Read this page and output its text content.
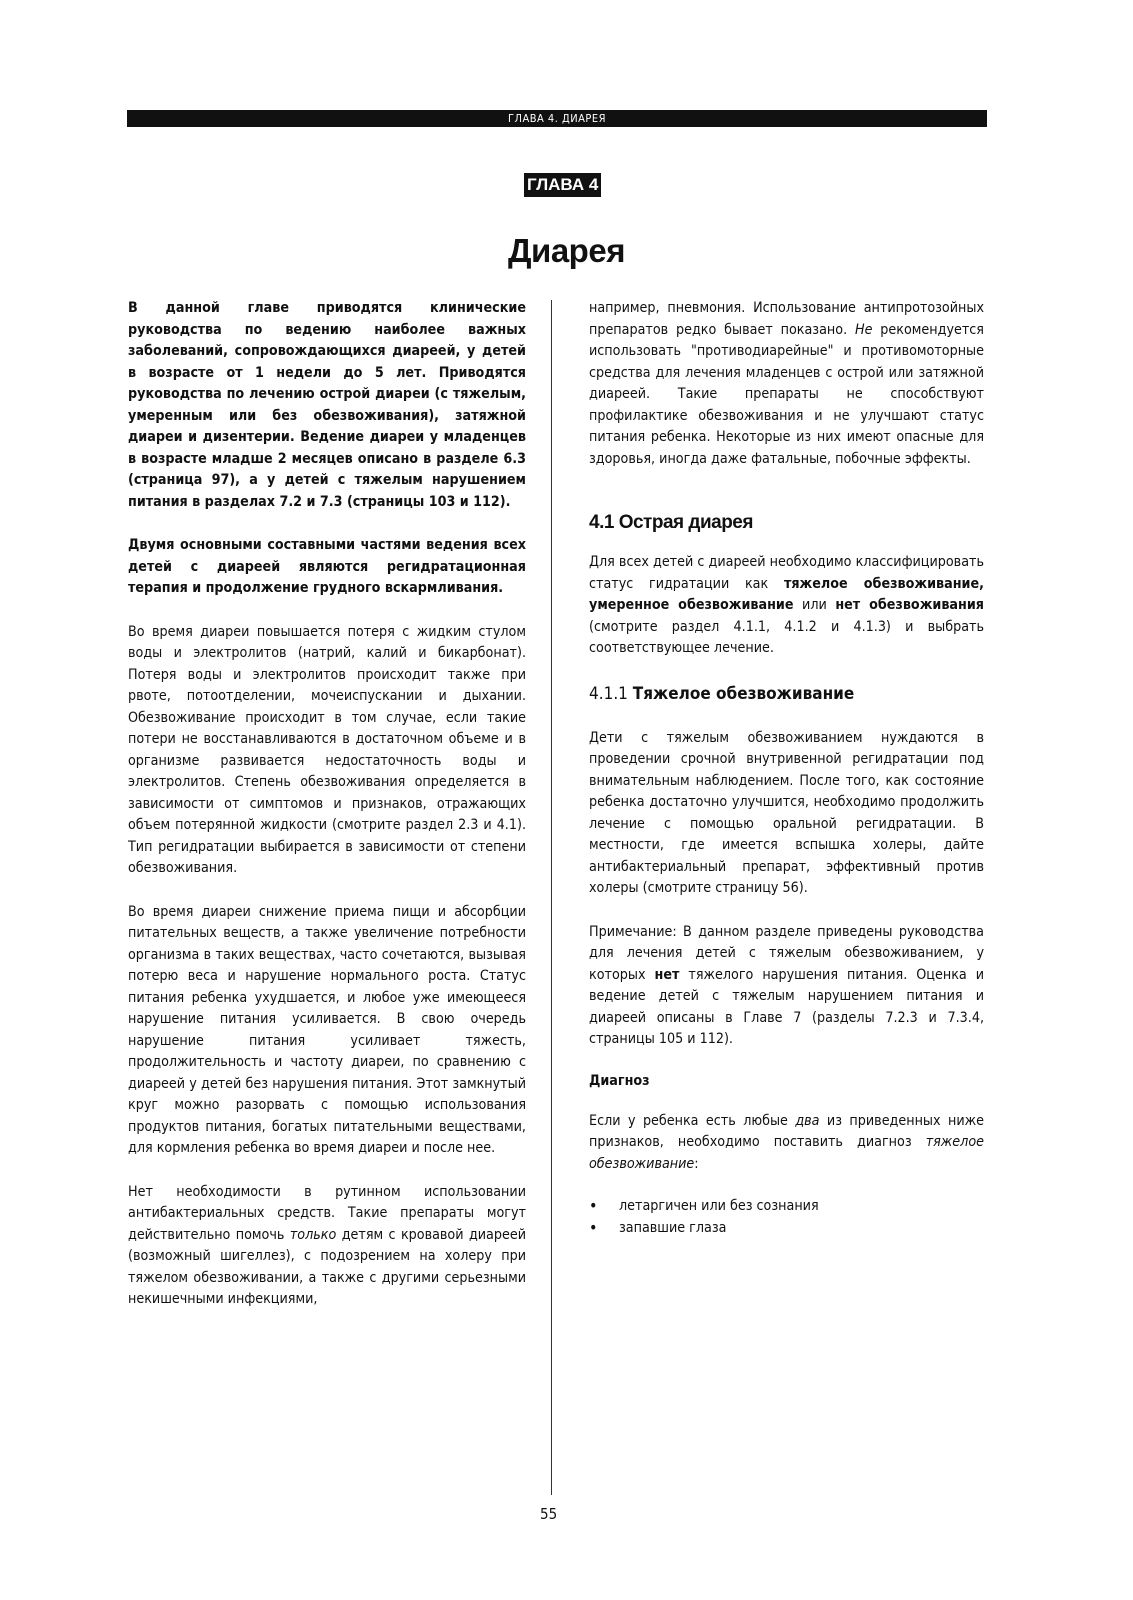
ГЛАВА 4. ДИАРЕЯ
ГЛАВА 4
Диарея

В данной главе приводятся клинические руководства по ведению наиболее важных заболеваний, сопровождающихся диареей, у детей в возрасте от 1 недели до 5 лет. Приводятся руководства по лечению острой диареи (с тяжелым, умеренным или без обезвоживания), затяжной диареи и дизентерии. Ведение диареи у младенцев в возрасте младше 2 месяцев описано в разделе 6.3 (страница 97), а у детей с тяжелым нарушением питания в разделах 7.2 и 7.3 (страницы 103 и 112).

Двумя основными составными частями ведения всех детей с диареей являются регидратационная терапия и продолжение грудного вскармливания.

Во время диареи повышается потеря с жидким стулом воды и электролитов (натрий, калий и бикарбонат). Потеря воды и электролитов происходит также при рвоте, потоотделении, мочеиспускании и дыхании. Обезвоживание происходит в том случае, если такие потери не восстанавливаются в достаточном объеме и в организме развивается недостаточность воды и электролитов. Степень обезвоживания определяется в зависимости от симптомов и признаков, отражающих объем потерянной жидкости (смотрите раздел 2.3 и 4.1). Тип регидратации выбирается в зависимости от степени обезвоживания.

Во время диареи снижение приема пищи и абсорбции питательных веществ, а также увеличение потребности организма в таких веществах, часто сочетаются, вызывая потерю веса и нарушение нормального роста. Статус питания ребенка ухудшается, и любое уже имеющееся нарушение питания усиливается. В свою очередь нарушение питания усиливает тяжесть, продолжительность и частоту диареи, по сравнению с диареей у детей без нарушения питания. Этот замкнутый круг можно разорвать с помощью использования продуктов питания, богатых питательными веществами, для кормления ребенка во время диареи и после нее.

Нет необходимости в рутинном использовании антибактериальных средств. Такие препараты могут действительно помочь только детям с кровавой диареей (возможный шигеллез), с подозрением на холеру при тяжелом обезвоживании, а также с другими серьезными некишечными инфекциями,

например, пневмония. Использование антипротозойных препаратов редко бывает показано. Не рекомендуется использовать "противодиарейные" и противомоторные средства для лечения младенцев с острой или затяжной диареей. Такие препараты не способствуют профилактике обезвоживания и не улучшают статус питания ребенка. Некоторые из них имеют опасные для здоровья, иногда даже фатальные, побочные эффекты.

4.1 Острая диарея

Для всех детей с диареей необходимо классифицировать статус гидратации как тяжелое обезвоживание, умеренное обезвоживание или нет обезвоживания (смотрите раздел 4.1.1, 4.1.2 и 4.1.3) и выбрать соответствующее лечение.

4.1.1 Тяжелое обезвоживание

Дети с тяжелым обезвоживанием нуждаются в проведении срочной внутривенной регидратации под внимательным наблюдением. После того, как состояние ребенка достаточно улучшится, необходимо продолжить лечение с помощью оральной регидратации. В местности, где имеется вспышка холеры, дайте антибактериальный препарат, эффективный против холеры (смотрите страницу 56).

Примечание: В данном разделе приведены руководства для лечения детей с тяжелым обезвоживанием, у которых нет тяжелого нарушения питания. Оценка и ведение детей с тяжелым нарушением питания и диареей описаны в Главе 7 (разделы 7.2.3 и 7.3.4, страницы 105 и 112).

Диагноз

Если у ребенка есть любые два из приведенных ниже признаков, необходимо поставить диагноз тяжелое обезвоживание:

• летаргичен или без сознания
• запавшие глаза
55
